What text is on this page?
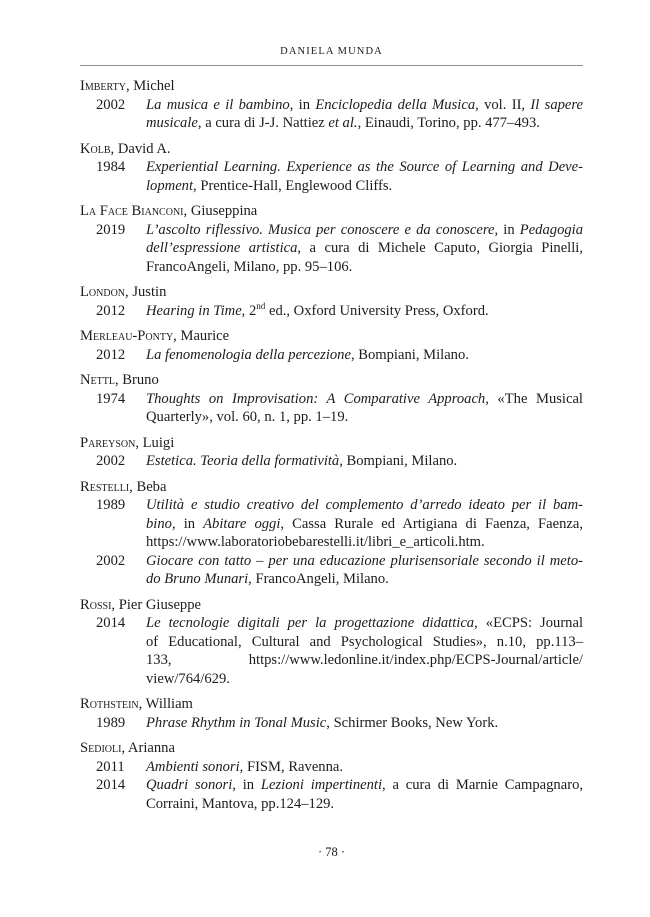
DANIELA MUNDA
Imberty, Michel
2002	La musica e il bambino, in Enciclopedia della Musica, vol. II, Il sapere
musicale, a cura di J-J. Nattiez et al., Einaudi, Torino, pp. 477–493.
Kolb, David A.
1984	Experiential Learning. Experience as the Source of Learning and Deve-
lopment, Prentice-Hall, Englewood Cliffs.
La Face Bianconi, Giuseppina
2019	L’ascolto riflessivo. Musica per conoscere e da conoscere, in Pedagogia
dell’espressione artistica, a cura di Michele Caputo, Giorgia Pinelli,
FrancoAngeli, Milano, pp. 95–106.
London, Justin
2012	Hearing in Time, 2nd ed., Oxford University Press, Oxford.
Merleau-Ponty, Maurice
2012	La fenomenologia della percezione, Bompiani, Milano.
Nettl, Bruno
1974	Thoughts on Improvisation: A Comparative Approach, «The Musical
Quarterly», vol. 60, n. 1, pp. 1–19.
Pareyson, Luigi
2002	Estetica. Teoria della formatività, Bompiani, Milano.
Restelli, Beba
1989	Utilità e studio creativo del complemento d’arredo ideato per il bam-
bino, in Abitare oggi, Cassa Rurale ed Artigiana di Faenza, Faenza,
https://www.laboratoriobebarestelli.it/libri_e_articoli.htm.
2002	Giocare con tatto – per una educazione plurisensoriale secondo il meto-
do Bruno Munari, FrancoAngeli, Milano.
Rossi, Pier Giuseppe
2014	Le tecnologie digitali per la progettazione didattica, «ECPS: Journal
of Educational, Cultural and Psychological Studies», n.10, pp.113–
133, https://www.ledonline.it/index.php/ECPS-Journal/article/
view/764/629.
Rothstein, William
1989	Phrase Rhythm in Tonal Music, Schirmer Books, New York.
Sedioli, Arianna
2011	Ambienti sonori, FISM, Ravenna.
2014	Quadri sonori, in Lezioni impertinenti, a cura di Marnie Campagnaro,
Corraini, Mantova, pp.124–129.
· 78 ·
